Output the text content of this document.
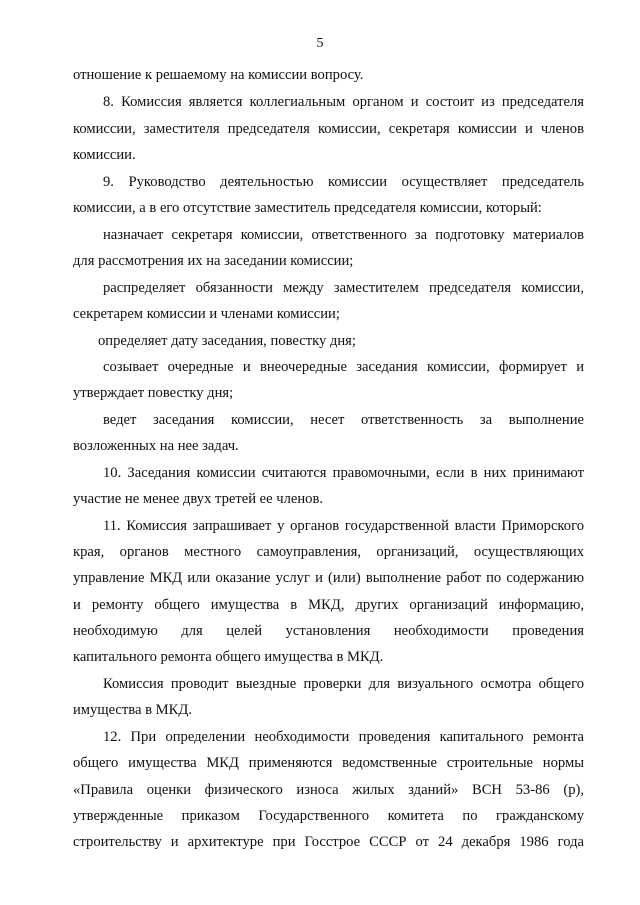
5
отношение к решаемому на комиссии вопросу.
8. Комиссия является коллегиальным органом и состоит из председателя
комиссии, заместителя председателя комиссии, секретаря комиссии и членов
комиссии.
9. Руководство деятельностью комиссии осуществляет председатель
комиссии, а в его отсутствие заместитель председателя комиссии, который:
назначает секретаря комиссии, ответственного за подготовку материалов
для рассмотрения их на заседании комиссии;
распределяет обязанности между заместителем председателя комиссии,
секретарем комиссии и членами комиссии;
определяет дату заседания, повестку дня;
созывает очередные и внеочередные заседания комиссии, формирует и
утверждает повестку дня;
ведет заседания комиссии, несет ответственность за выполнение
возложенных на нее задач.
10. Заседания комиссии считаются правомочными, если в них принимают
участие не менее двух третей ее членов.
11. Комиссия запрашивает у органов государственной власти Приморского
края, органов местного самоуправления, организаций, осуществляющих
управление МКД или оказание услуг и (или) выполнение работ по содержанию
и ремонту общего имущества в МКД, других организаций информацию,
необходимую для целей установления необходимости проведения
капитального ремонта общего имущества в МКД.
Комиссия проводит выездные проверки для визуального осмотра общего
имущества в МКД.
12. При определении необходимости проведения капитального ремонта
общего имущества МКД применяются ведомственные строительные нормы
«Правила оценки физического износа жилых зданий» ВСН 53-86 (р),
утвержденные приказом Государственного комитета по гражданскому
строительству и архитектуре при Госстрое СССР от 24 декабря 1986 года
